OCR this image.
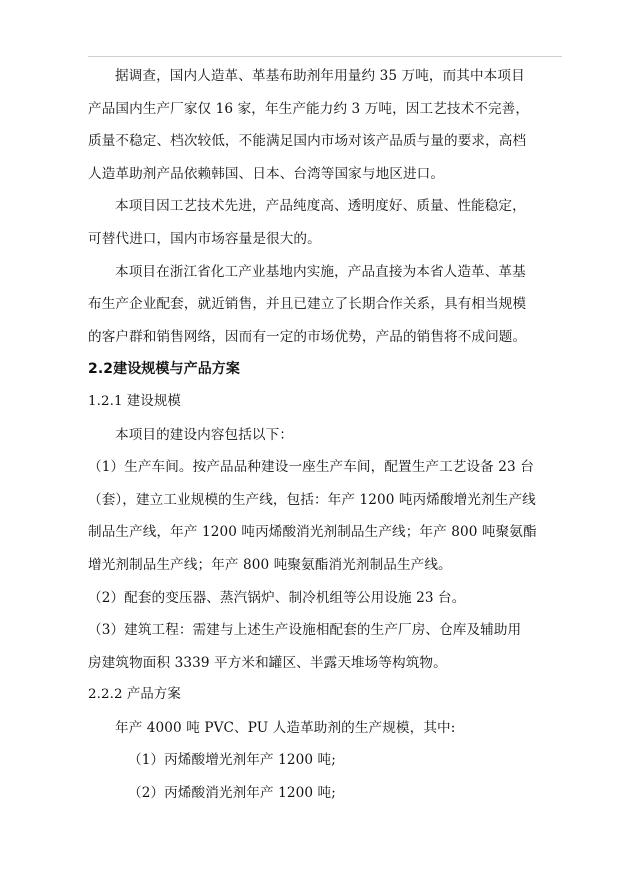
据调查，国内人造革、革基布助剂年用量约 35 万吨，而其中本项目
产品国内生产厂家仅 16 家，年生产能力约 3 万吨，因工艺技术不完善，
质量不稳定、档次较低，不能满足国内市场对该产品质与量的要求，高档
人造革助剂产品依赖韩国、日本、台湾等国家与地区进口。
本项目因工艺技术先进，产品纯度高、透明度好、质量、性能稳定，
可替代进口，国内市场容量是很大的。
本项目在浙江省化工产业基地内实施，产品直接为本省人造革、革基
布生产企业配套，就近销售，并且已建立了长期合作关系，具有相当规模
的客户群和销售网络，因而有一定的市场优势，产品的销售将不成问题。
2.2建设规模与产品方案
1.2.1 建设规模
本项目的建设内容包括以下：
（1）生产车间。按产品品种建设一座生产车间，配置生产工艺设备 23 台
（套），建立工业规模的生产线，包括：年产 1200 吨丙烯酸增光剂生产线
制品生产线，年产 1200 吨丙烯酸消光剂制品生产线；年产 800 吨聚氨酯
增光剂制品生产线；年产 800 吨聚氨酯消光剂制品生产线。
（2）配套的变压器、蒸汽锅炉、制冷机组等公用设施 23 台。
（3）建筑工程：需建与上述生产设施相配套的生产厂房、仓库及辅助用
房建筑物面积 3339 平方米和罐区、半露天堆场等构筑物。
2.2.2 产品方案
年产 4000 吨 PVC、PU 人造革助剂的生产规模，其中:
（1）丙烯酸增光剂年产 1200 吨;
（2）丙烯酸消光剂年产 1200 吨;
